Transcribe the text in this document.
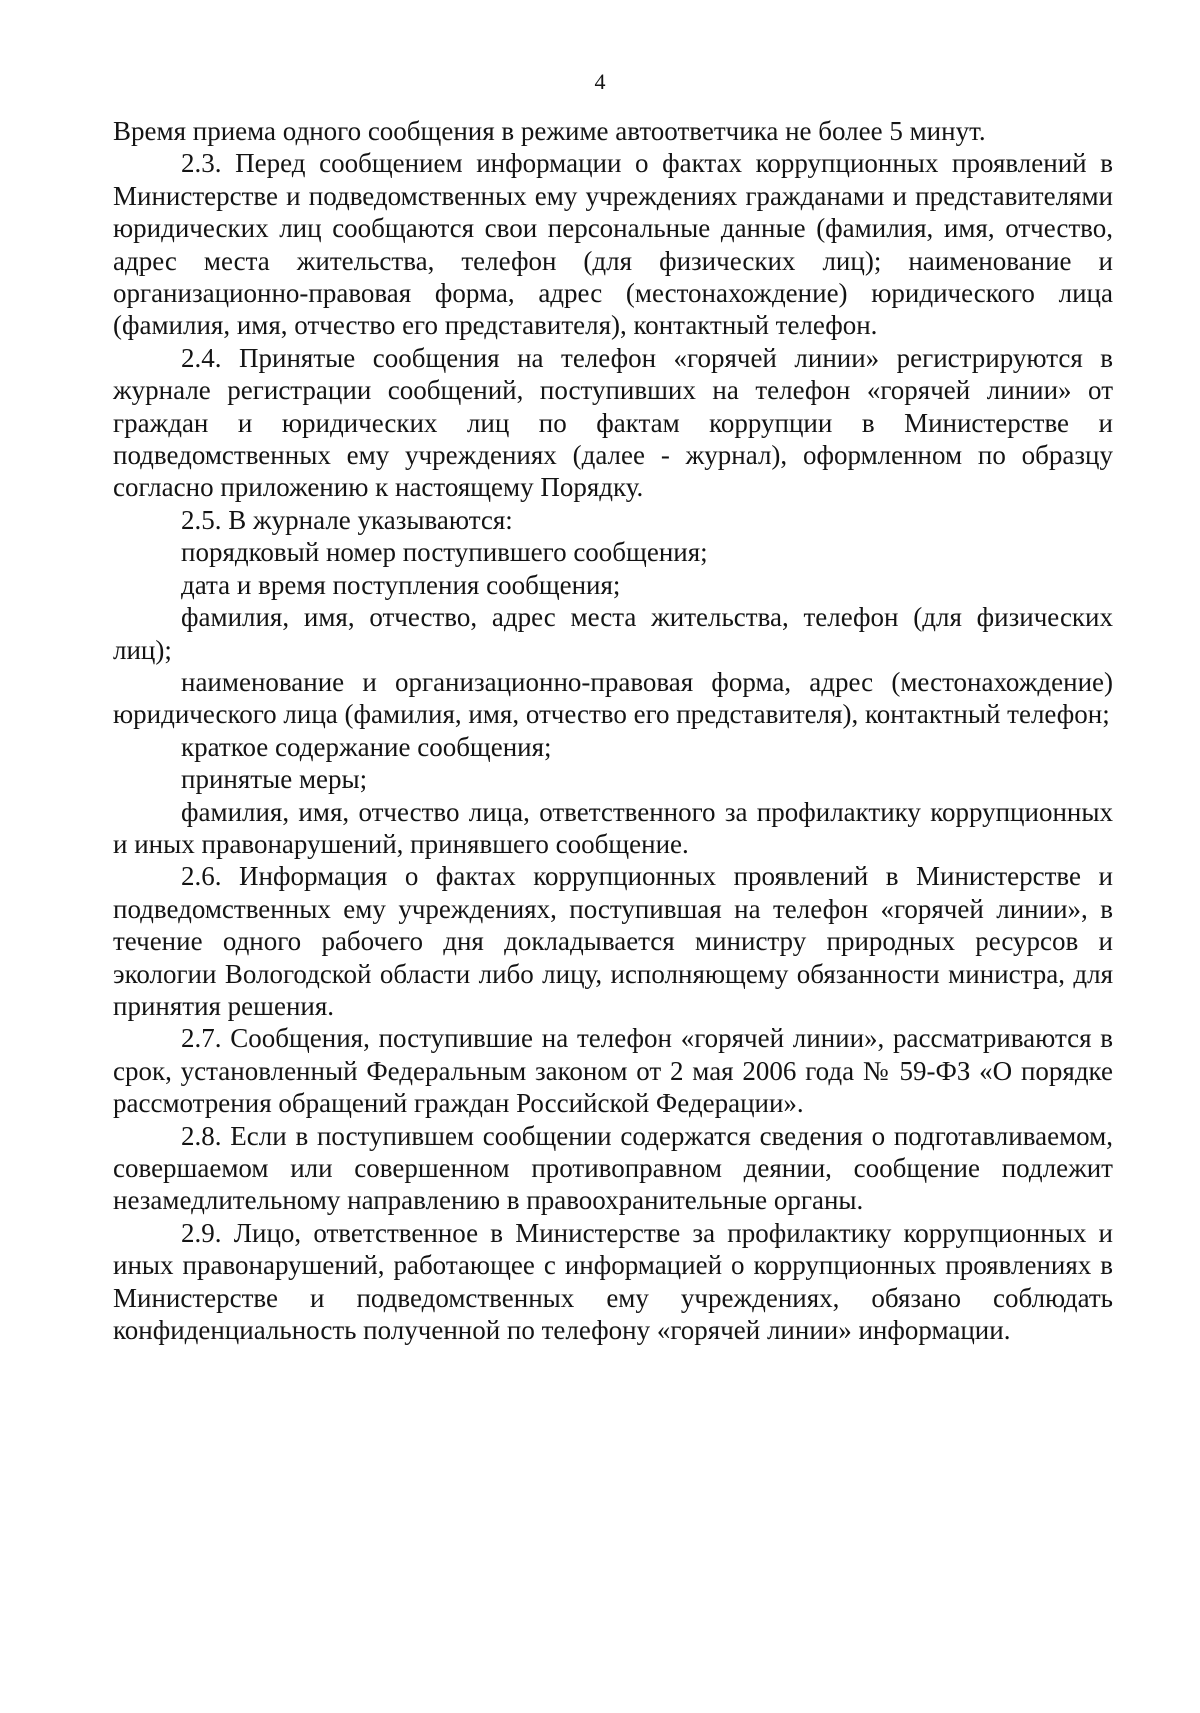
4

Время приема одного сообщения в режиме автоответчика не более 5 минут.

2.3. Перед сообщением информации о фактах коррупционных проявлений в Министерстве и подведомственных ему учреждениях гражданами и представителями юридических лиц сообщаются свои персональные данные (фамилия, имя, отчество, адрес места жительства, телефон (для физических лиц); наименование и организационно-правовая форма, адрес (местонахождение) юридического лица (фамилия, имя, отчество его представителя), контактный телефон.

2.4. Принятые сообщения на телефон «горячей линии» регистрируются в журнале регистрации сообщений, поступивших на телефон «горячей линии» от граждан и юридических лиц по фактам коррупции в Министерстве и подведомственных ему учреждениях (далее - журнал), оформленном по образцу согласно приложению к настоящему Порядку.

2.5. В журнале указываются:

порядковый номер поступившего сообщения;

дата и время поступления сообщения;

фамилия, имя, отчество, адрес места жительства, телефон (для физических лиц);

наименование и организационно-правовая форма, адрес (местонахождение) юридического лица (фамилия, имя, отчество его представителя), контактный телефон;

краткое содержание сообщения;

принятые меры;

фамилия, имя, отчество лица, ответственного за профилактику коррупционных и иных правонарушений, принявшего сообщение.

2.6. Информация о фактах коррупционных проявлений в Министерстве и подведомственных ему учреждениях, поступившая на телефон «горячей линии», в течение одного рабочего дня докладывается министру природных ресурсов и экологии Вологодской области либо лицу, исполняющему обязанности министра, для принятия решения.

2.7. Сообщения, поступившие на телефон «горячей линии», рассматриваются в срок, установленный Федеральным законом от 2 мая 2006 года № 59-ФЗ «О порядке рассмотрения обращений граждан Российской Федерации».

2.8. Если в поступившем сообщении содержатся сведения о подготавливаемом, совершаемом или совершенном противоправном деянии, сообщение подлежит незамедлительному направлению в правоохранительные органы.

2.9. Лицо, ответственное в Министерстве за профилактику коррупционных и иных правонарушений, работающее с информацией о коррупционных проявлениях в Министерстве и подведомственных ему учреждениях, обязано соблюдать конфиденциальность полученной по телефону «горячей линии» информации.
